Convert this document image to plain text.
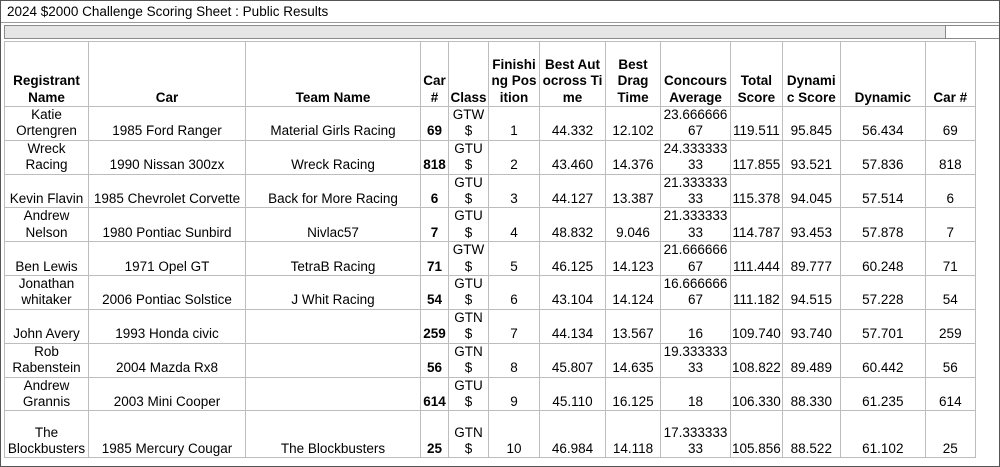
2024 $2000 Challenge Scoring Sheet : Public Results
Registrant Name	Car	Team Name	Car #	Class	Finishing Position	Best Autocross Time	Best Drag Time	Concours Average	Total Score	Dynamic Score	Dynamic	Car #
Katie Ortengren	1985 Ford Ranger	Material Girls Racing	69	GTW $	1	44.332	12.102	23.66666667	119.511	95.845	56.434	69
Wreck Racing	1990 Nissan 300zx	Wreck Racing	818	GTU $	2	43.460	14.376	24.33333333	117.855	93.521	57.836	818
Kevin Flavin	1985 Chevrolet Corvette	Back for More Racing	6	GTU $	3	44.127	13.387	21.33333333	115.378	94.045	57.514	6
Andrew Nelson	1980 Pontiac Sunbird	Nivlac57	7	GTU $	4	48.832	9.046	21.33333333	114.787	93.453	57.878	7
Ben Lewis	1971 Opel GT	TetraB Racing	71	GTW $	5	46.125	14.123	21.66666667	111.444	89.777	60.248	71
Jonathan whitaker	2006 Pontiac Solstice	J Whit Racing	54	GTU $	6	43.104	14.124	16.66666667	111.182	94.515	57.228	54
John Avery	1993 Honda civic		259	GTN $	7	44.134	13.567	16	109.740	93.740	57.701	259
Rob Rabenstein	2004 Mazda Rx8		56	GTN $	8	45.807	14.635	19.33333333	108.822	89.489	60.442	56
Andrew Grannis	2003 Mini Cooper		614	GTU $	9	45.110	16.125	18	106.330	88.330	61.235	614
The Blockbusters	1985 Mercury Cougar	The Blockbusters	25	GTN $	10	46.984	14.118	17.33333333	105.856	88.522	61.102	25
